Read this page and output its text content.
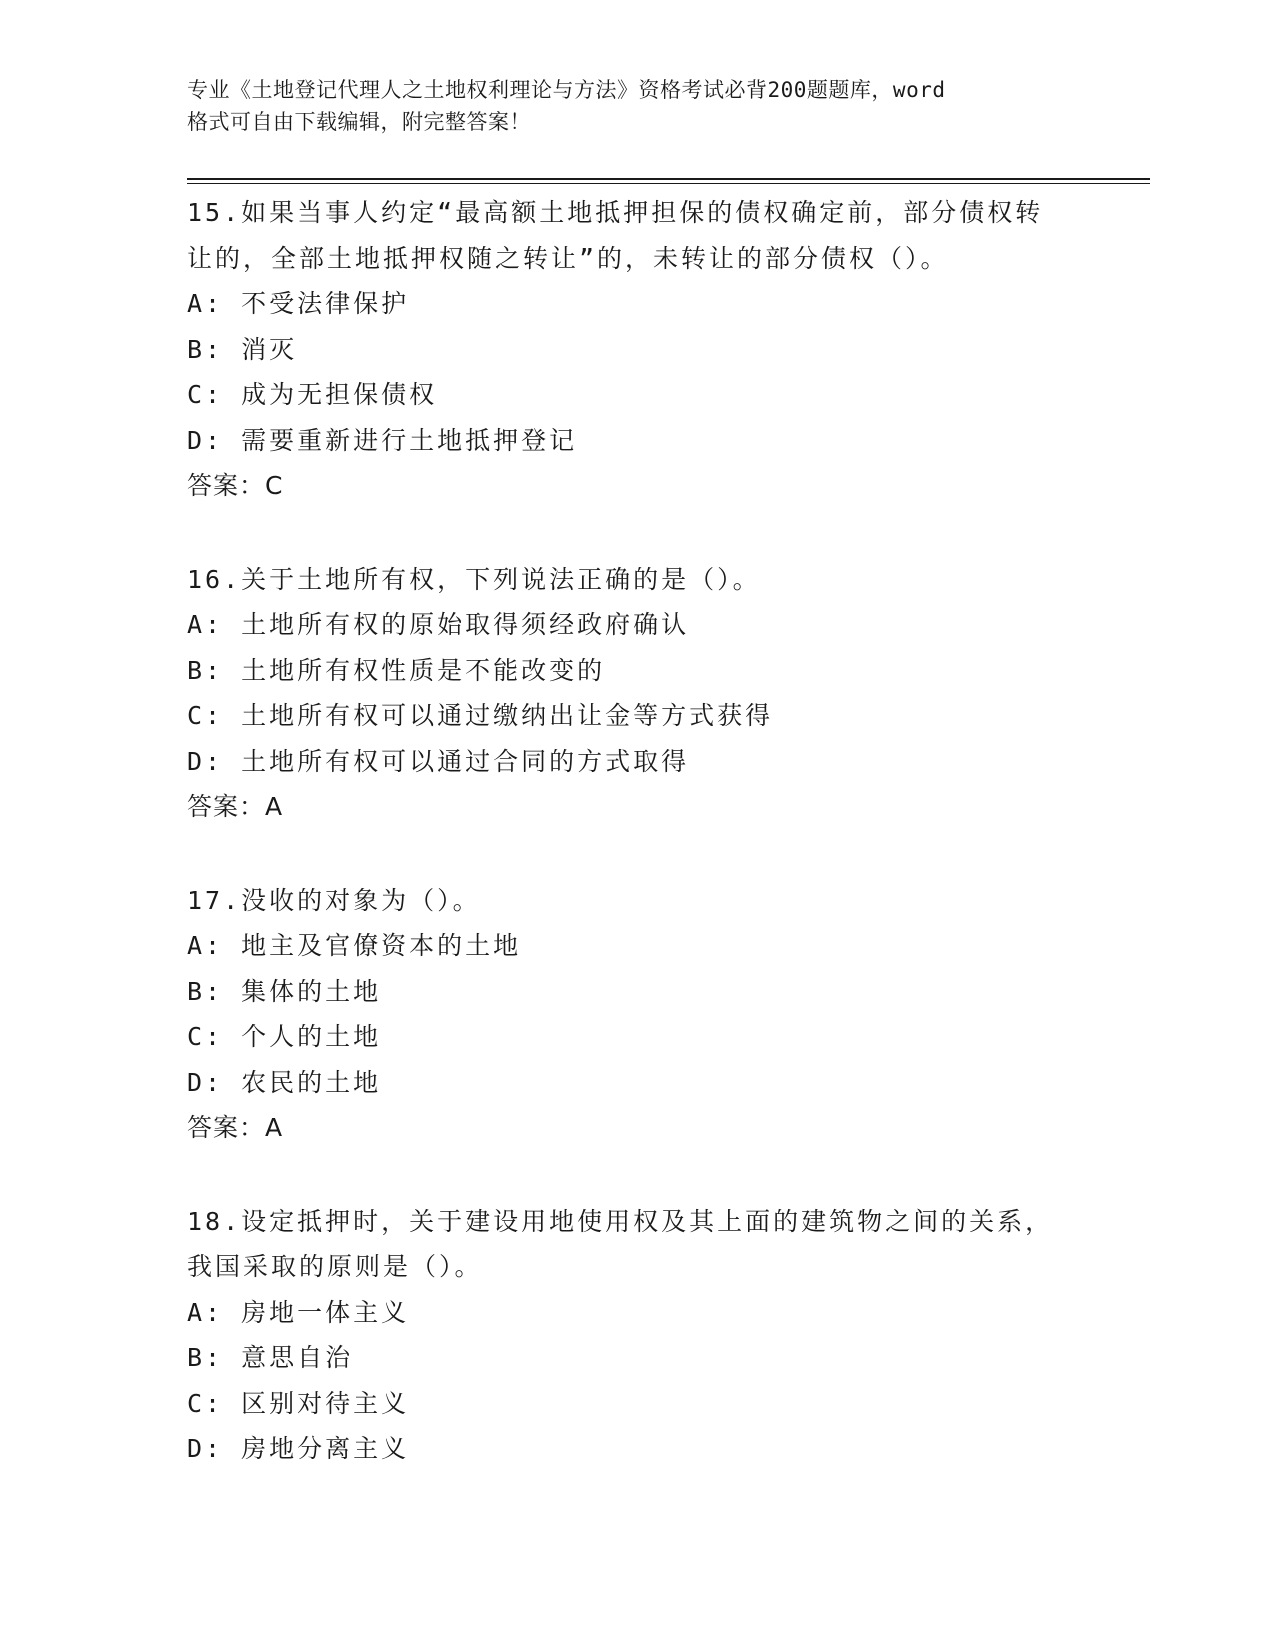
专业《土地登记代理人之土地权利理论与方法》资格考试必背200题题库，word
格式可自由下载编辑，附完整答案！

15.如果当事人约定“最高额土地抵押担保的债权确定前，部分债权转让的，全部土地抵押权随之转让”的，未转让的部分债权（）。

A: 不受法律保护

B: 消灭

C: 成为无担保债权

D: 需要重新进行土地抵押登记

答案：C

16.关于土地所有权，下列说法正确的是（）。

A: 土地所有权的原始取得须经政府确认

B: 土地所有权性质是不能改变的

C: 土地所有权可以通过缴纳出让金等方式获得

D: 土地所有权可以通过合同的方式取得

答案：A

17.没收的对象为（）。

A: 地主及官僚资本的土地

B: 集体的土地

C: 个人的土地

D: 农民的土地

答案：A

18.设定抵押时，关于建设用地使用权及其上面的建筑物之间的关系，我国采取的原则是（）。

A: 房地一体主义

B: 意思自治

C: 区别对待主义

D: 房地分离主义
